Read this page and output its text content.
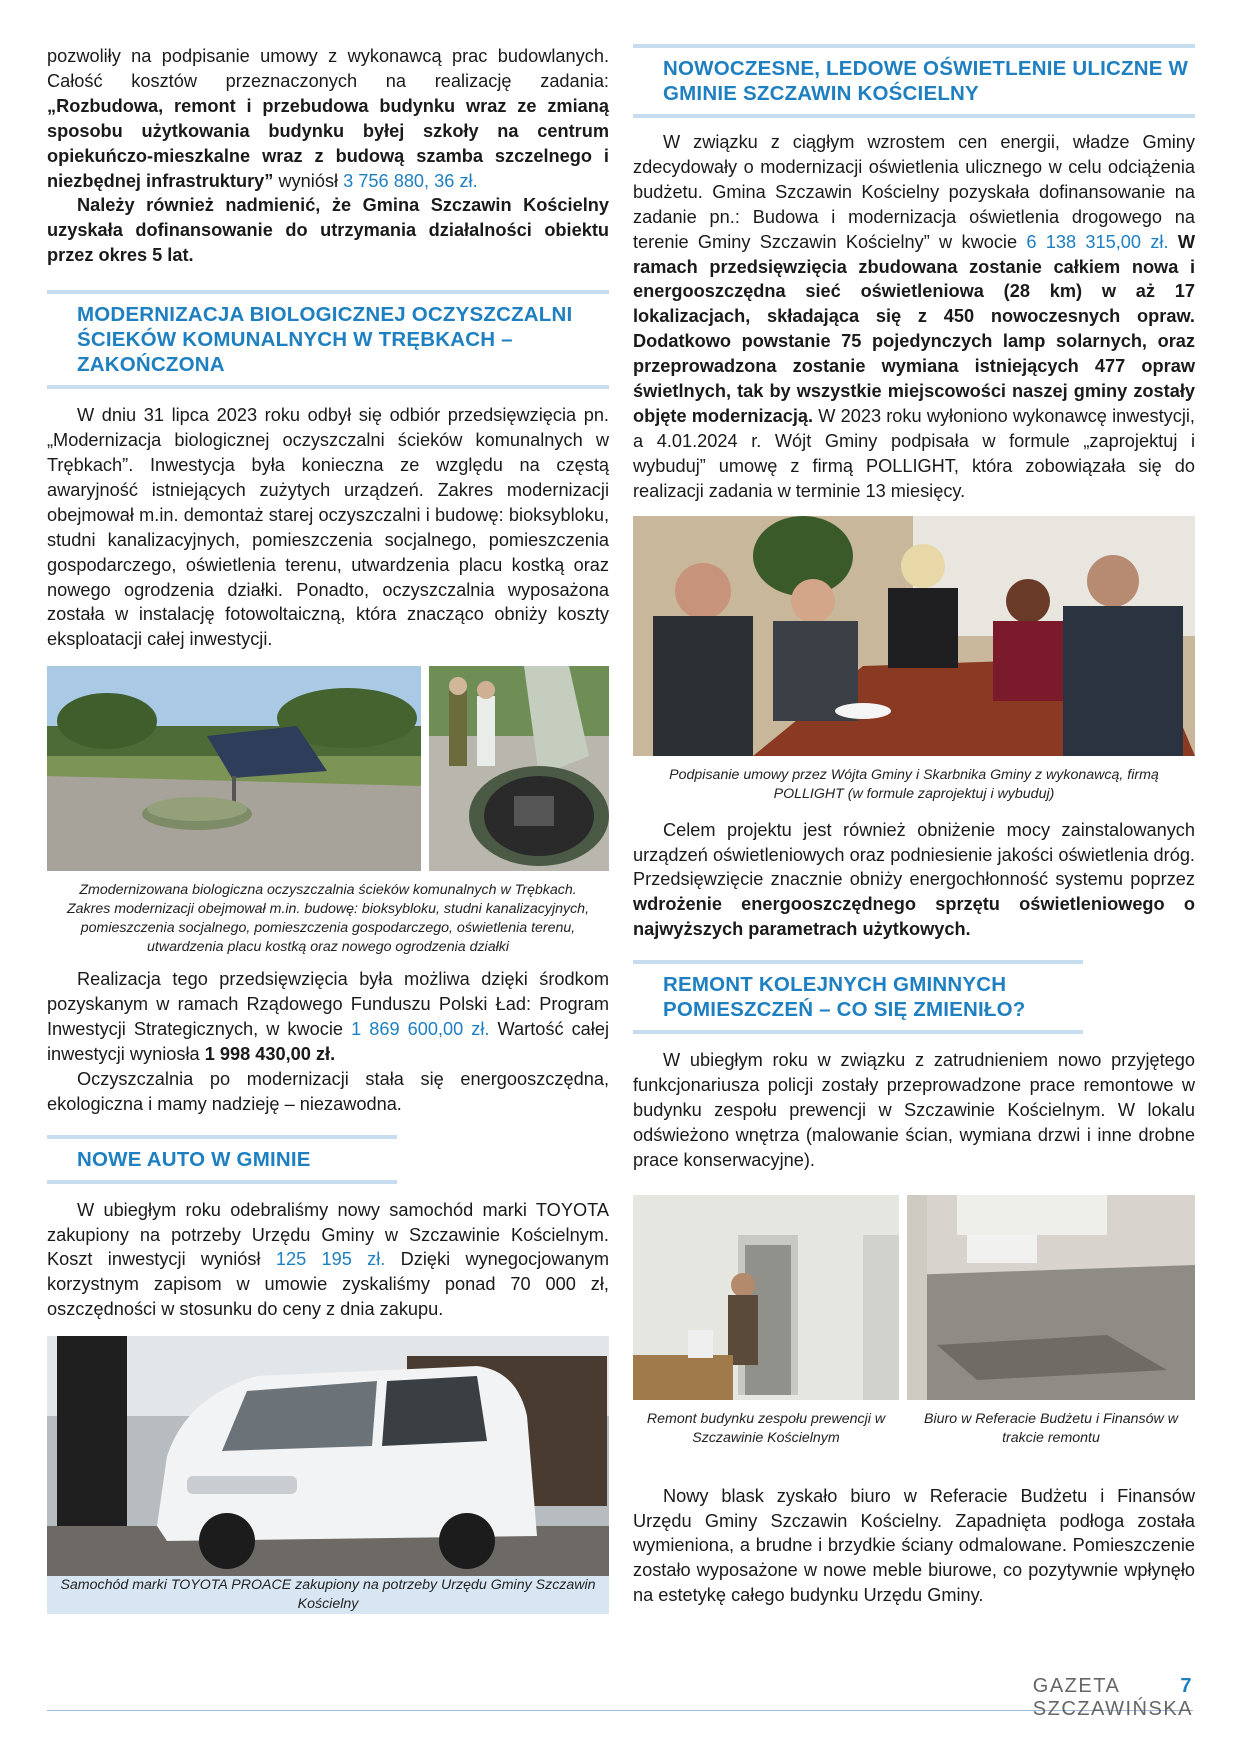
pozwoliły na podpisanie umowy z wykonawcą prac budowlanych. Całość kosztów przeznaczonych na realizację zadania: „Rozbudowa, remont i przebudowa budynku wraz ze zmianą sposobu użytkowania budynku byłej szkoły na centrum opiekuńczo-mieszkalne wraz z budową szamba szczelnego i niezbędnej infrastruktury” wyniósł 3 756 880, 36 zł.

Należy również nadmienić, że Gmina Szczawin Kościelny uzyskała dofinansowanie do utrzymania działalności obiektu przez okres 5 lat.

MODERNIZACJA BIOLOGICZNEJ OCZYSZCZALNI ŚCIEKÓW KOMUNALNYCH W TRĘBKACH – ZAKOŃCZONA

W dniu 31 lipca 2023 roku odbył się odbiór przedsięwzięcia pn. „Modernizacja biologicznej oczyszczalni ścieków komunalnych w Trębkach”. Inwestycja była konieczna ze względu na częstą awaryjność istniejących zużytych urządzeń. Zakres modernizacji obejmował m.in. demontaż starej oczyszczalni i budowę: bioksybloku, studni kanalizacyjnych, pomieszczenia socjalnego, pomieszczenia gospodarczego, oświetlenia terenu, utwardzenia placu kostką oraz nowego ogrodzenia działki. Ponadto, oczyszczalnia wyposażona została w instalację fotowoltaiczną, która znacząco obniży koszty eksploatacji całej inwestycji.

Zmodernizowana biologiczna oczyszczalnia ścieków komunalnych w Trębkach. Zakres modernizacji obejmował m.in. budowę: bioksybloku, studni kanalizacyjnych, pomieszczenia socjalnego, pomieszczenia gospodarczego, oświetlenia terenu, utwardzenia placu kostką oraz nowego ogrodzenia działki

Realizacja tego przedsięwzięcia była możliwa dzięki środkom pozyskanym w ramach Rządowego Funduszu Polski Ład: Program Inwestycji Strategicznych, w kwocie 1 869 600,00 zł. Wartość całej inwestycji wyniosła 1 998 430,00 zł.

Oczyszczalnia po modernizacji stała się energooszczędna, ekologiczna i mamy nadzieję – niezawodna.

NOWE AUTO W GMINIE

W ubiegłym roku odebraliśmy nowy samochód marki TOYOTA zakupiony na potrzeby Urzędu Gminy w Szczawinie Kościelnym. Koszt inwestycji wyniósł 125 195 zł. Dzięki wynegocjowanym korzystnym zapisom w umowie zyskaliśmy ponad 70 000 zł, oszczędności w stosunku do ceny z dnia zakupu.

Samochód marki TOYOTA PROACE zakupiony na potrzeby Urzędu Gminy Szczawin Kościelny

NOWOCZESNE, LEDOWE OŚWIETLENIE ULICZNE W GMINIE SZCZAWIN KOŚCIELNY

W związku z ciągłym wzrostem cen energii, władze Gminy zdecydowały o modernizacji oświetlenia ulicznego w celu odciążenia budżetu. Gmina Szczawin Kościelny pozyskała dofinansowanie na zadanie pn.: Budowa i modernizacja oświetlenia drogowego na terenie Gminy Szczawin Kościelny” w kwocie 6 138 315,00 zł. W ramach przedsięwzięcia zbudowana zostanie całkiem nowa i energooszczędna sieć oświetleniowa (28 km) w aż 17 lokalizacjach, składająca się z 450 nowoczesnych opraw. Dodatkowo powstanie 75 pojedynczych lamp solarnych, oraz przeprowadzona zostanie wymiana istniejących 477 opraw świetlnych, tak by wszystkie miejscowości naszej gminy zostały objęte modernizacją. W 2023 roku wyłoniono wykonawcę inwestycji, a 4.01.2024 r. Wójt Gminy podpisała w formule „zaprojektuj i wybuduj” umowę z firmą POLLIGHT, która zobowiązała się do realizacji zadania w terminie 13 miesięcy.

Podpisanie umowy przez Wójta Gminy i Skarbnika Gminy z wykonawcą, firmą POLLIGHT (w formule zaprojektuj i wybuduj)

Celem projektu jest również obniżenie mocy zainstalowanych urządzeń oświetleniowych oraz podniesienie jakości oświetlenia dróg. Przedsięwzięcie znacznie obniży energochłonność systemu poprzez wdrożenie energooszczędnego sprzętu oświetleniowego o najwyższych parametrach użytkowych.

REMONT KOLEJNYCH GMINNYCH POMIESZCZEŃ – CO SIĘ ZMIENIŁO?

W ubiegłym roku w związku z zatrudnieniem nowo przyjętego funkcjonariusza policji zostały przeprowadzone prace remontowe w budynku zespołu prewencji w Szczawinie Kościelnym. W lokalu odświeżono wnętrza (malowanie ścian, wymiana drzwi i inne drobne prace konserwacyjne).

Remont budynku zespołu prewencji w Szczawinie Kościelnym

Biuro w Referacie Budżetu i Finansów w trakcie remontu

Nowy blask zyskało biuro w Referacie Budżetu i Finansów Urzędu Gminy Szczawin Kościelny. Zapadnięta podłoga została wymieniona, a brudne i brzydkie ściany odmalowane. Pomieszczenie zostało wyposażone w nowe meble biurowe, co pozytywnie wpłynęło na estetykę całego budynku Urzędu Gminy.

GAZETA SZCZAWIŃSKA
7
